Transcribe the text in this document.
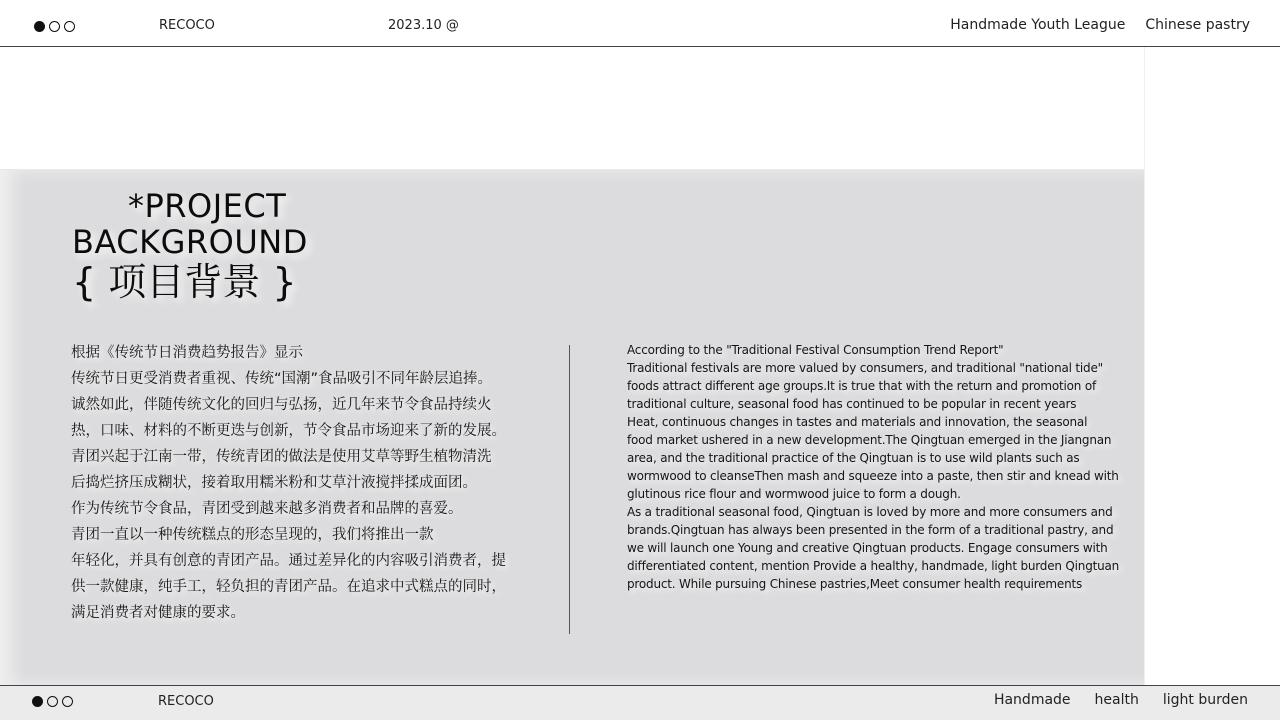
RECOCO	2023.10 @	Handmade Youth League Chinese pastry
*PROJECT
BACKGROUND
{ 项目背景 }

根据《传统节日消费趋势报告》显示

传统节日更受消费者重视、传统“国潮”食品吸引不同年龄层追捧。

诚然如此，伴随传统文化的回归与弘扬，近几年来节令食品持续火

热，口味、材料的不断更迭与创新，节令食品市场迎来了新的发展。

青团兴起于江南一带，传统青团的做法是使用艾草等野生植物清洗

后捣烂挤压成糊状，接着取用糯米粉和艾草汁液搅拌揉成面团。

作为传统节令食品，青团受到越来越多消费者和品牌的喜爱。

青团一直以一种传统糕点的形态呈现的，我们将推出一款

年轻化，并具有创意的青团产品。通过差异化的内容吸引消费者，提

供一款健康，纯手工，轻负担的青团产品。在追求中式糕点的同时，

满足消费者对健康的要求。

According to the "Traditional Festival Consumption Trend Report"

Traditional festivals are more valued by consumers, and traditional "national tide"

foods attract different age groups.It is true that with the return and promotion of

traditional culture, seasonal food has continued to be popular in recent years

Heat, continuous changes in tastes and materials and innovation, the seasonal

food market ushered in a new development.The Qingtuan emerged in the Jiangnan

area, and the traditional practice of the Qingtuan is to use wild plants such as

wormwood to cleanseThen mash and squeeze into a paste, then stir and knead with

glutinous rice flour and wormwood juice to form a dough.

As a traditional seasonal food, Qingtuan is loved by more and more consumers and

brands.Qingtuan has always been presented in the form of a traditional pastry, and

we will launch one Young and creative Qingtuan products. Engage consumers with

differentiated content, mention Provide a healthy, handmade, light burden Qingtuan

product. While pursuing Chinese pastries,Meet consumer health requirements

RECOCO	Handmade health light burden
